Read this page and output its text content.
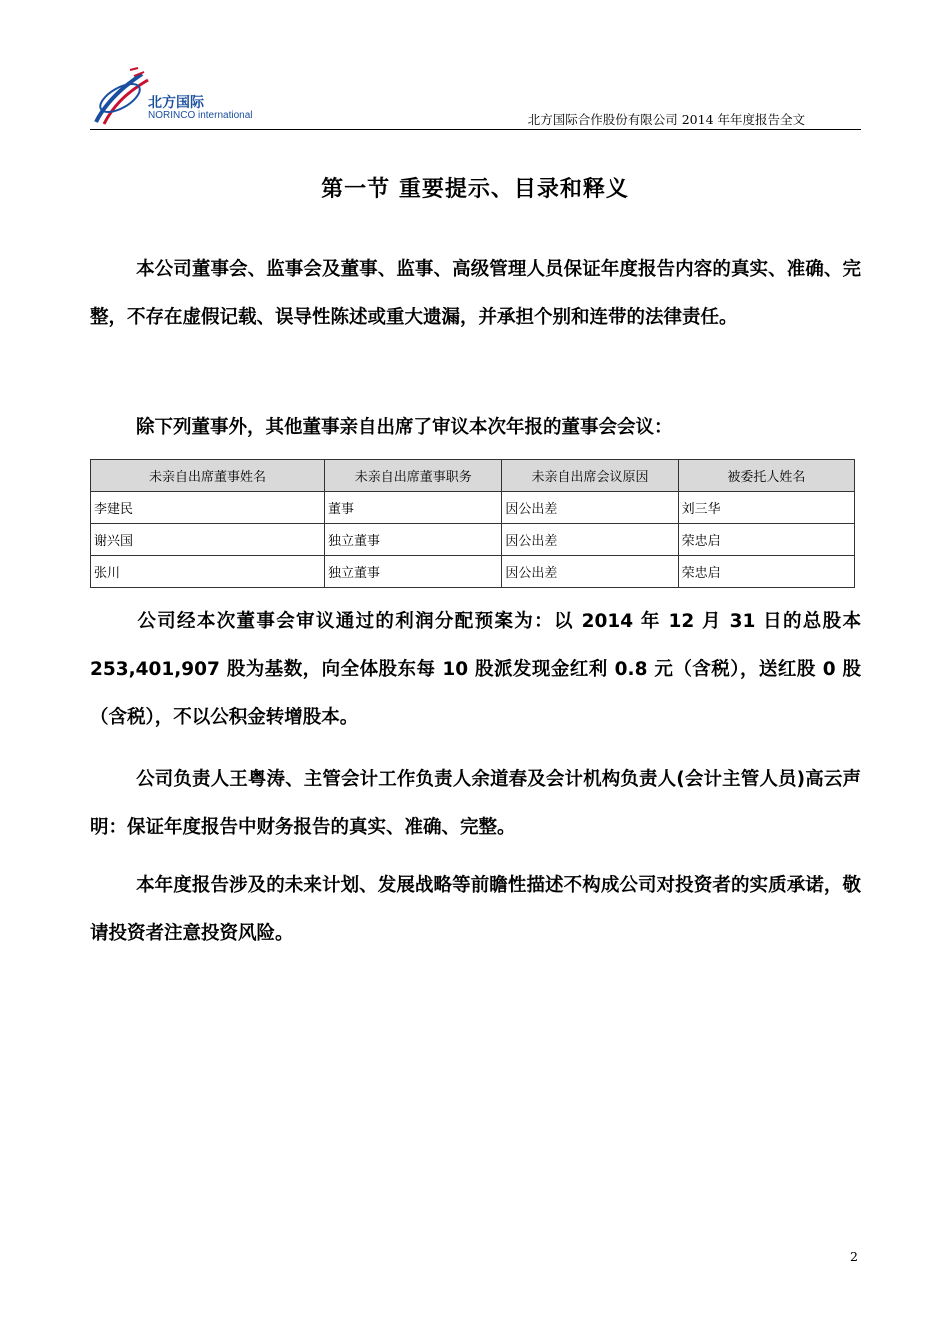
北方国际
NORINCO international	北方国际合作股份有限公司 2014 年年度报告全文
第一节 重要提示、目录和释义
本公司董事会、监事会及董事、监事、高级管理人员保证年度报告内容的真实、准确、完整，不存在虚假记载、误导性陈述或重大遗漏，并承担个别和连带的法律责任。
除下列董事外，其他董事亲自出席了审议本次年报的董事会会议：
未亲自出席董事姓名	未亲自出席董事职务	未亲自出席会议原因	被委托人姓名
李建民	董事	因公出差	刘三华
谢兴国	独立董事	因公出差	荣忠启
张川	独立董事	因公出差	荣忠启
公司经本次董事会审议通过的利润分配预案为：以 2014 年 12 月 31 日的总股本 253,401,907 股为基数，向全体股东每 10 股派发现金红利 0.8 元（含税），送红股 0 股（含税），不以公积金转增股本。
公司负责人王粤涛、主管会计工作负责人余道春及会计机构负责人(会计主管人员)高云声明：保证年度报告中财务报告的真实、准确、完整。
本年度报告涉及的未来计划、发展战略等前瞻性描述不构成公司对投资者的实质承诺，敬请投资者注意投资风险。
2
